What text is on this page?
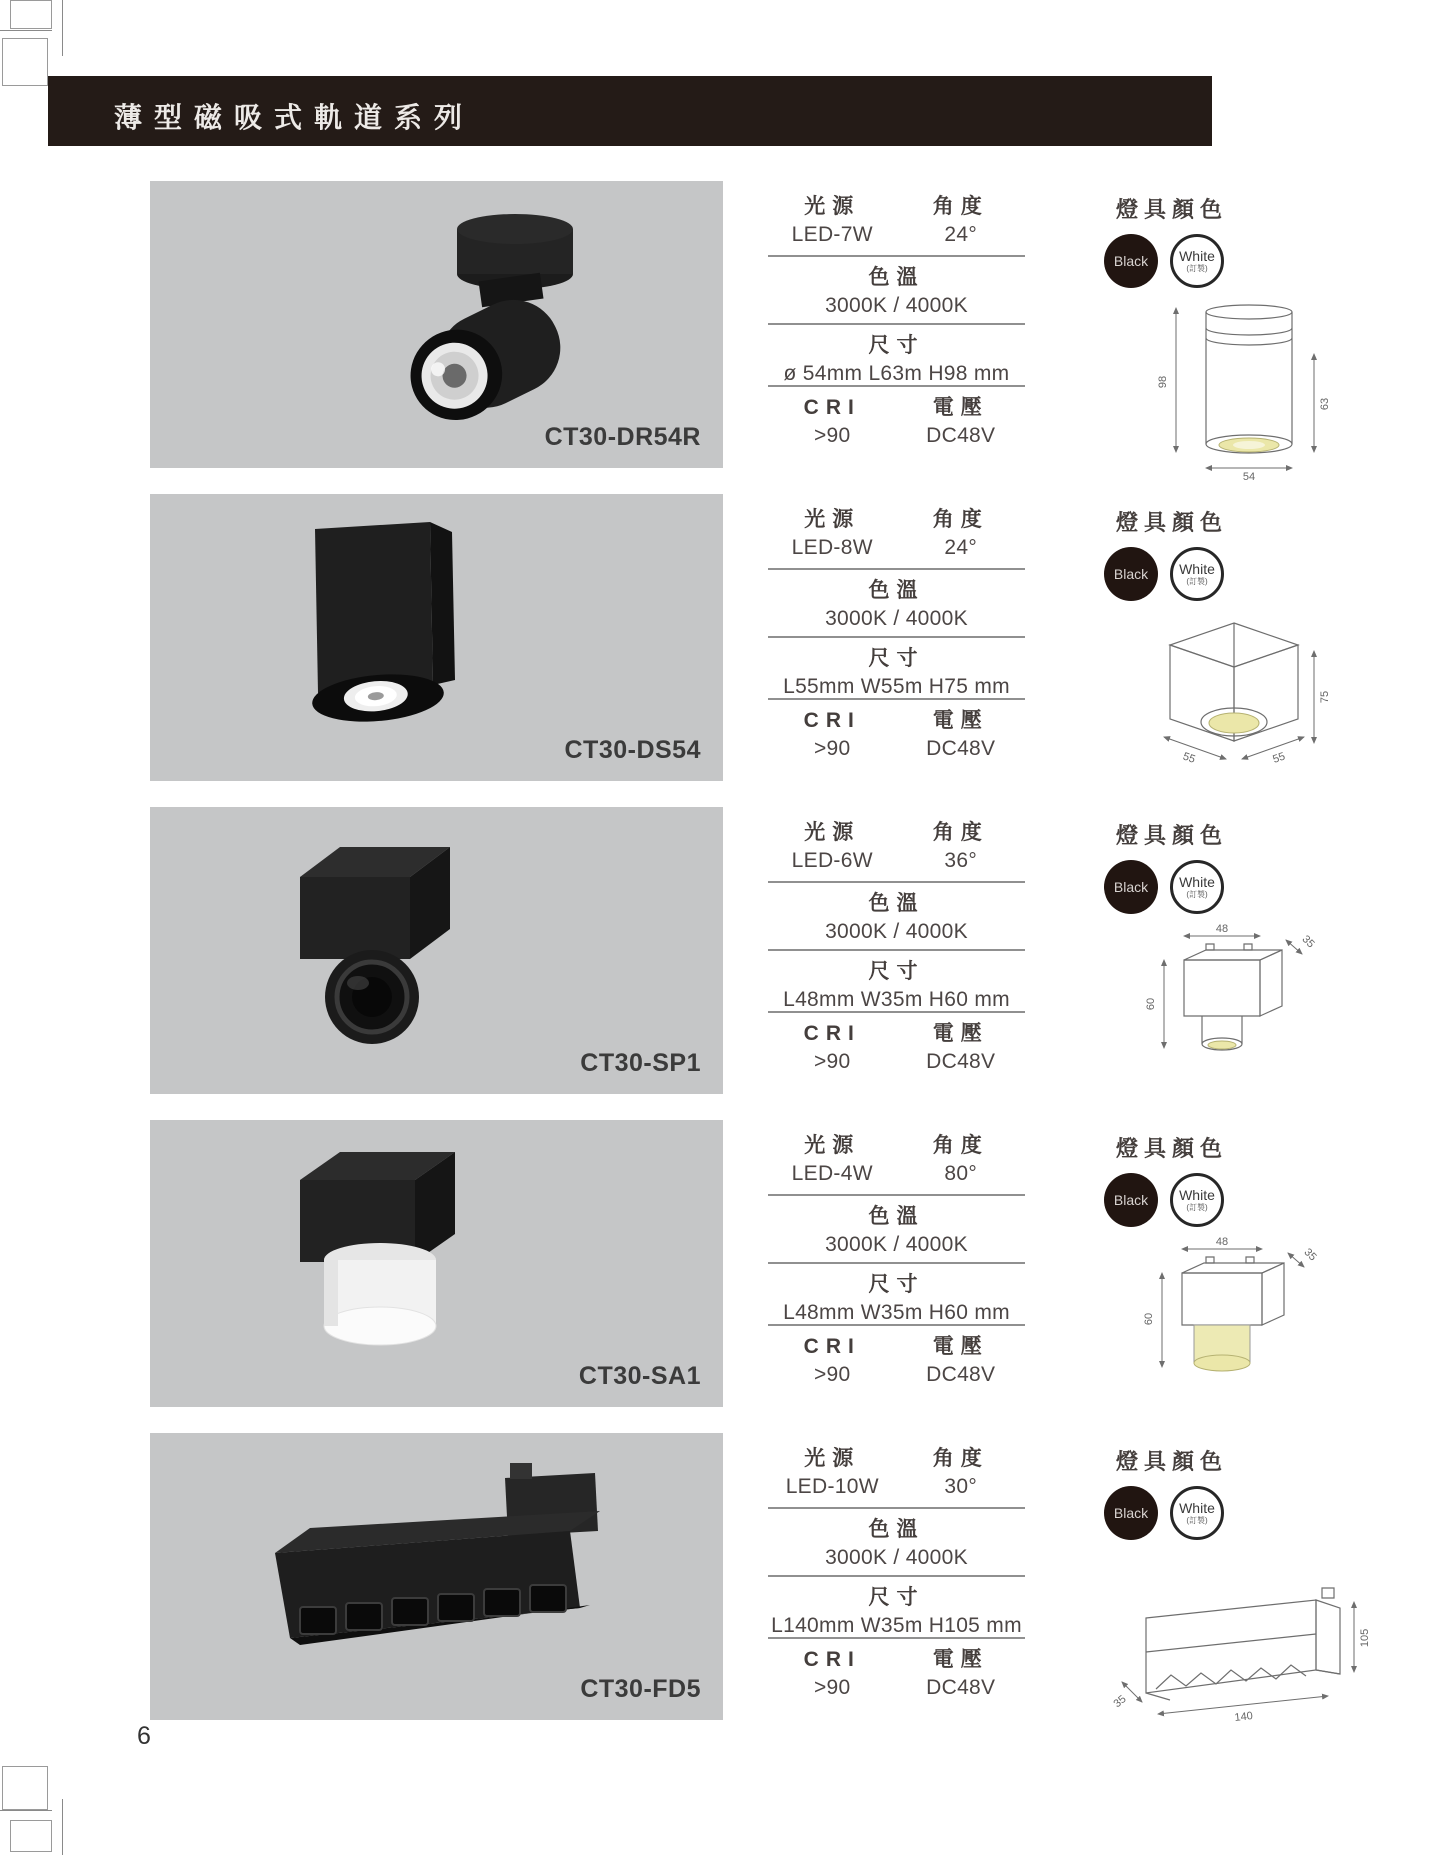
薄型磁吸式軌道系列
CT30-DR54R
光源
LED-7W
角度
24°
色溫
3000K / 4000K
尺寸
ø 54mm L63m H98 mm
CRI
>90
電壓
DC48V
燈具顏色
Black White
(訂製)
98
63
54
CT30-DS54
光源
LED-8W
角度
24°
色溫
3000K / 4000K
尺寸
L55mm W55m H75 mm
CRI
>90
電壓
DC48V
燈具顏色
Black White
(訂製)
75
55	55
CT30-SP1
光源
LED-6W
角度
36°
色溫
3000K / 4000K
尺寸
L48mm W35m H60 mm
CRI
>90
電壓
DC48V
燈具顏色
Black White
(訂製)
48
35
60
CT30-SA1
光源
LED-4W
角度
80°
色溫
3000K / 4000K
尺寸
L48mm W35m H60 mm
CRI
>90
電壓
DC48V
燈具顏色
Black White
(訂製)
48
35
60
CT30-FD5
光源
LED-10W
角度
30°
色溫
3000K / 4000K
尺寸
L140mm W35m H105 mm
CRI
>90
電壓
DC48V
燈具顏色
Black White
(訂製)
105
140
35
6
